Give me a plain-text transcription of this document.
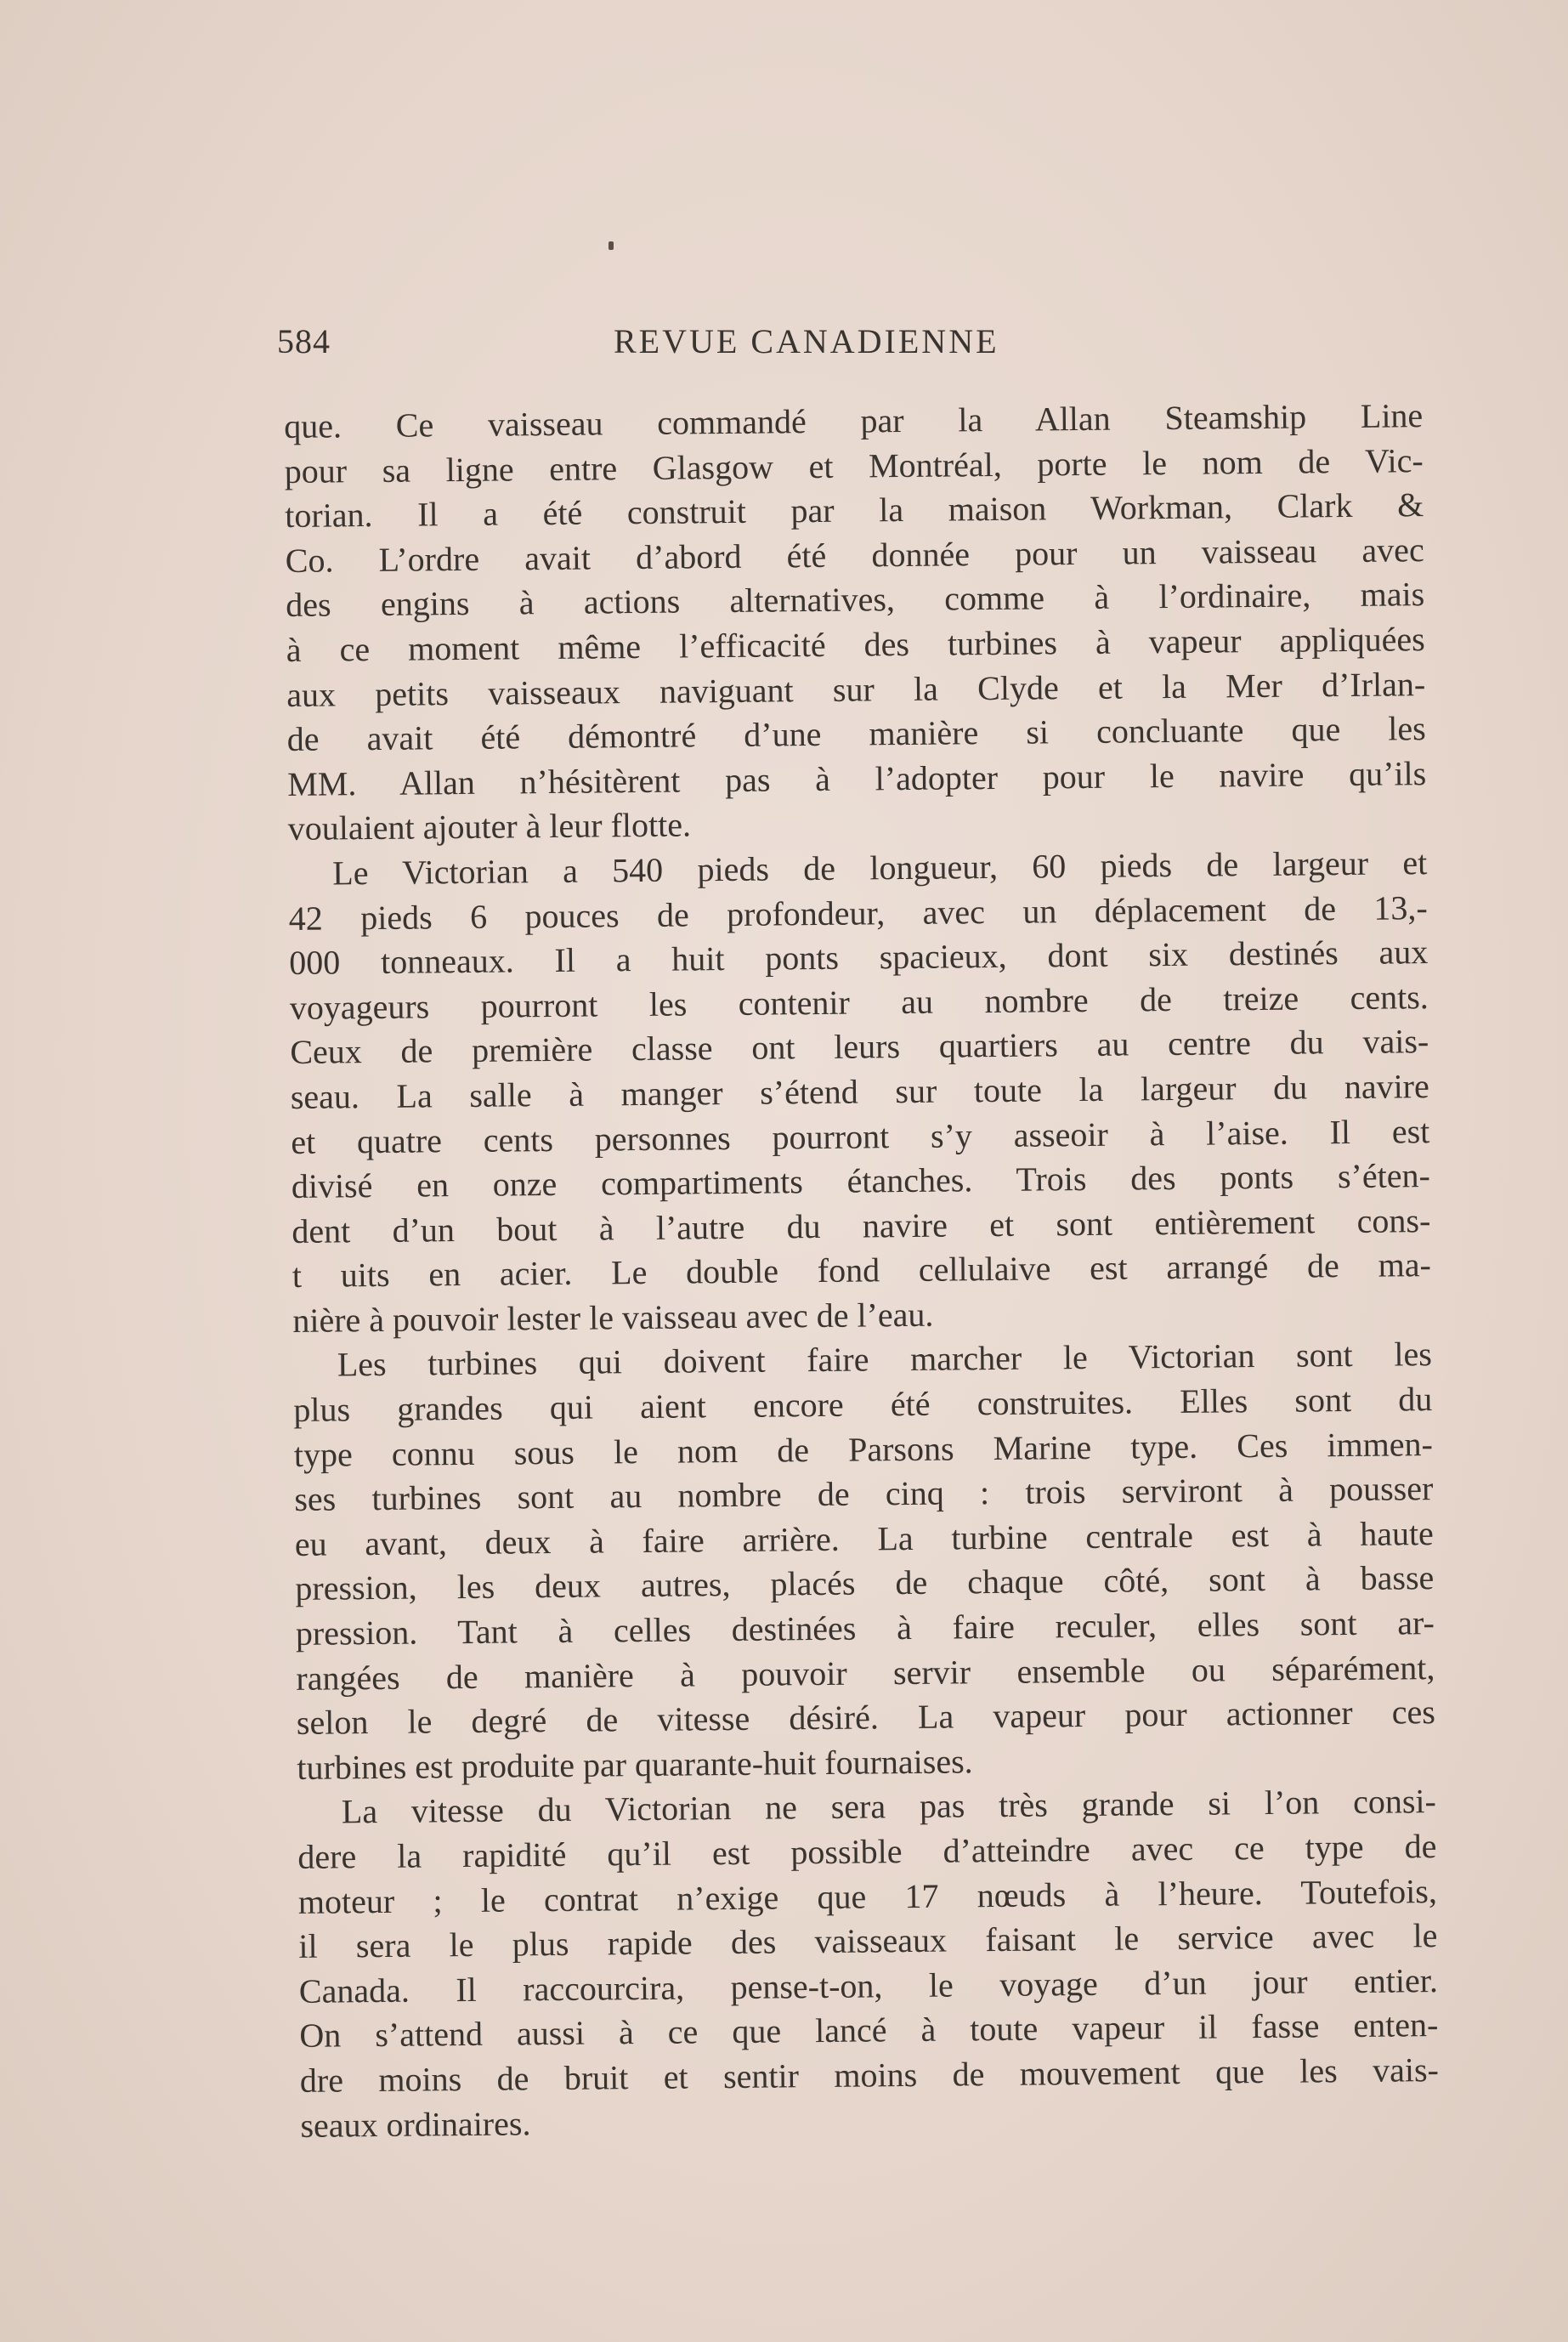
584	REVUE CANADIENNE
que. Ce vaisseau commandé par la Allan Steamship Line
pour sa ligne entre Glasgow et Montréal, porte le nom de Vic-
torian. Il a été construit par la maison Workman, Clark &
Co. L’ordre avait d’abord été donnée pour un vaisseau avec
des engins à actions alternatives, comme à l’ordinaire, mais
à ce moment même l’efficacité des turbines à vapeur appliquées
aux petits vaisseaux naviguant sur la Clyde et la Mer d’Irlan-
de avait été démontré d’une manière si concluante que les
MM. Allan n’hésitèrent pas à l’adopter pour le navire qu’ils
voulaient ajouter à leur flotte.
Le Victorian a 540 pieds de longueur, 60 pieds de largeur et
42 pieds 6 pouces de profondeur, avec un déplacement de 13,-
000 tonneaux. Il a huit ponts spacieux, dont six destinés aux
voyageurs pourront les contenir au nombre de treize cents.
Ceux de première classe ont leurs quartiers au centre du vais-
seau. La salle à manger s’étend sur toute la largeur du navire
et quatre cents personnes pourront s’y asseoir à l’aise. Il est
divisé en onze compartiments étanches. Trois des ponts s’éten-
dent d’un bout à l’autre du navire et sont entièrement cons-
t uits en acier. Le double fond cellulaive est arrangé de ma-
nière à pouvoir lester le vaisseau avec de l’eau.
Les turbines qui doivent faire marcher le Victorian sont les
plus grandes qui aient encore été construites. Elles sont du
type connu sous le nom de Parsons Marine type. Ces immen-
ses turbines sont au nombre de cinq : trois serviront à pousser
eu avant, deux à faire arrière. La turbine centrale est à haute
pression, les deux autres, placés de chaque côté, sont à basse
pression. Tant à celles destinées à faire reculer, elles sont ar-
rangées de manière à pouvoir servir ensemble ou séparément,
selon le degré de vitesse désiré. La vapeur pour actionner ces
turbines est produite par quarante-huit fournaises.
La vitesse du Victorian ne sera pas très grande si l’on consi-
dere la rapidité qu’il est possible d’atteindre avec ce type de
moteur ; le contrat n’exige que 17 nœuds à l’heure. Toutefois,
il sera le plus rapide des vaisseaux faisant le service avec le
Canada. Il raccourcira, pense-t-on, le voyage d’un jour entier.
On s’attend aussi à ce que lancé à toute vapeur il fasse enten-
dre moins de bruit et sentir moins de mouvement que les vais-
seaux ordinaires.
